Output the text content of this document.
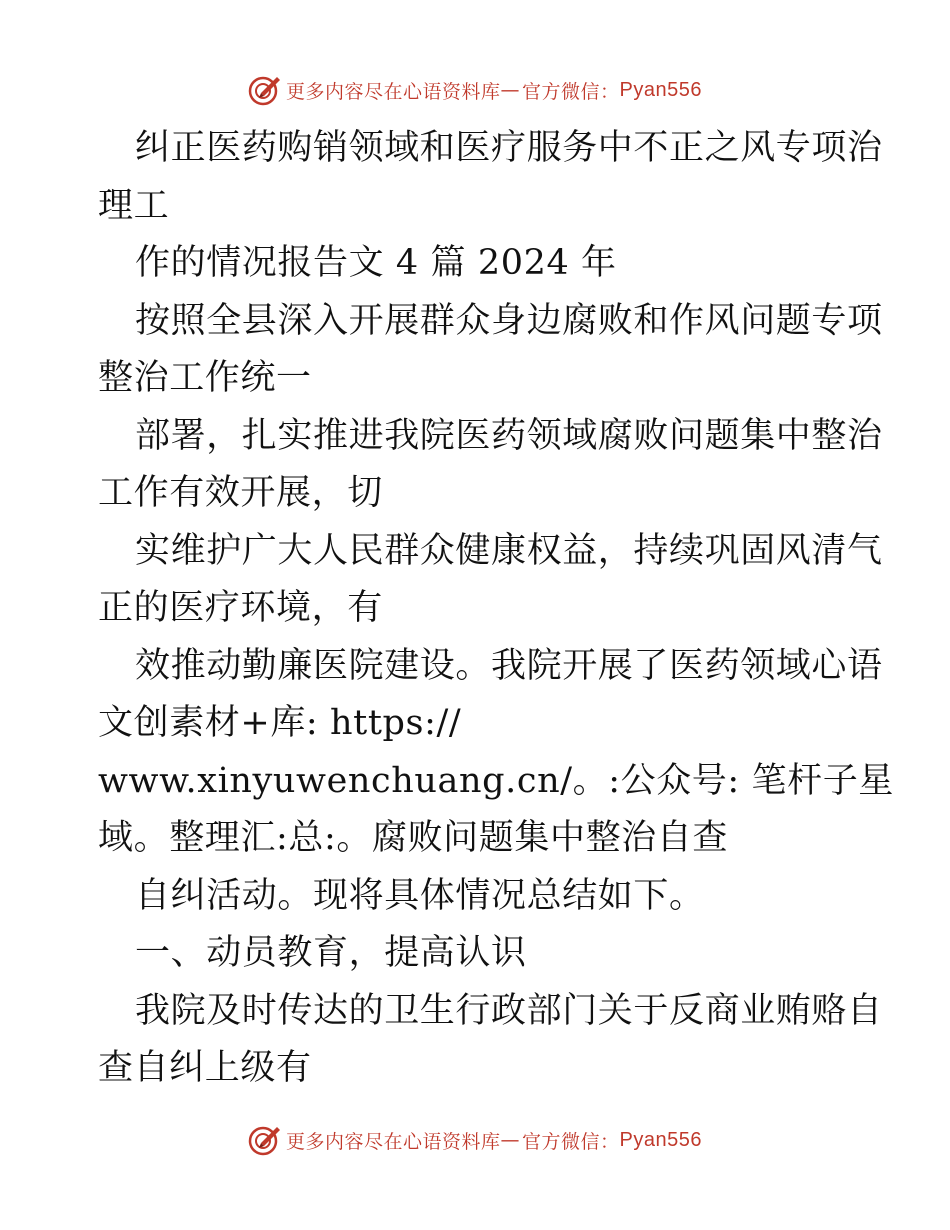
更多内容尽在心语资料库 — 官方微信： Pyan556
纠正医药购销领域和医疗服务中不正之风专项治
理工
作的情况报告文 4 篇 2024 年
按照全县深入开展群众身边腐败和作风问题专项
整治工作统一
部署，扎实推进我院医药领域腐败问题集中整治
工作有效开展，切
实维护广大人民群众健康权益，持续巩固风清气
正的医疗环境，有
效推动勤廉医院建设。我院开展了医药领域心语
文创素材+库: https://
www.xinyuwenchuang.cn/。:公众号: 笔杆子星
域。整理汇:总:。腐败问题集中整治自查
自纠活动。现将具体情况总结如下。
一、动员教育，提高认识
我院及时传达的卫生行政部门关于反商业贿赂自
查自纠上级有
更多内容尽在心语资料库 — 官方微信： Pyan556
